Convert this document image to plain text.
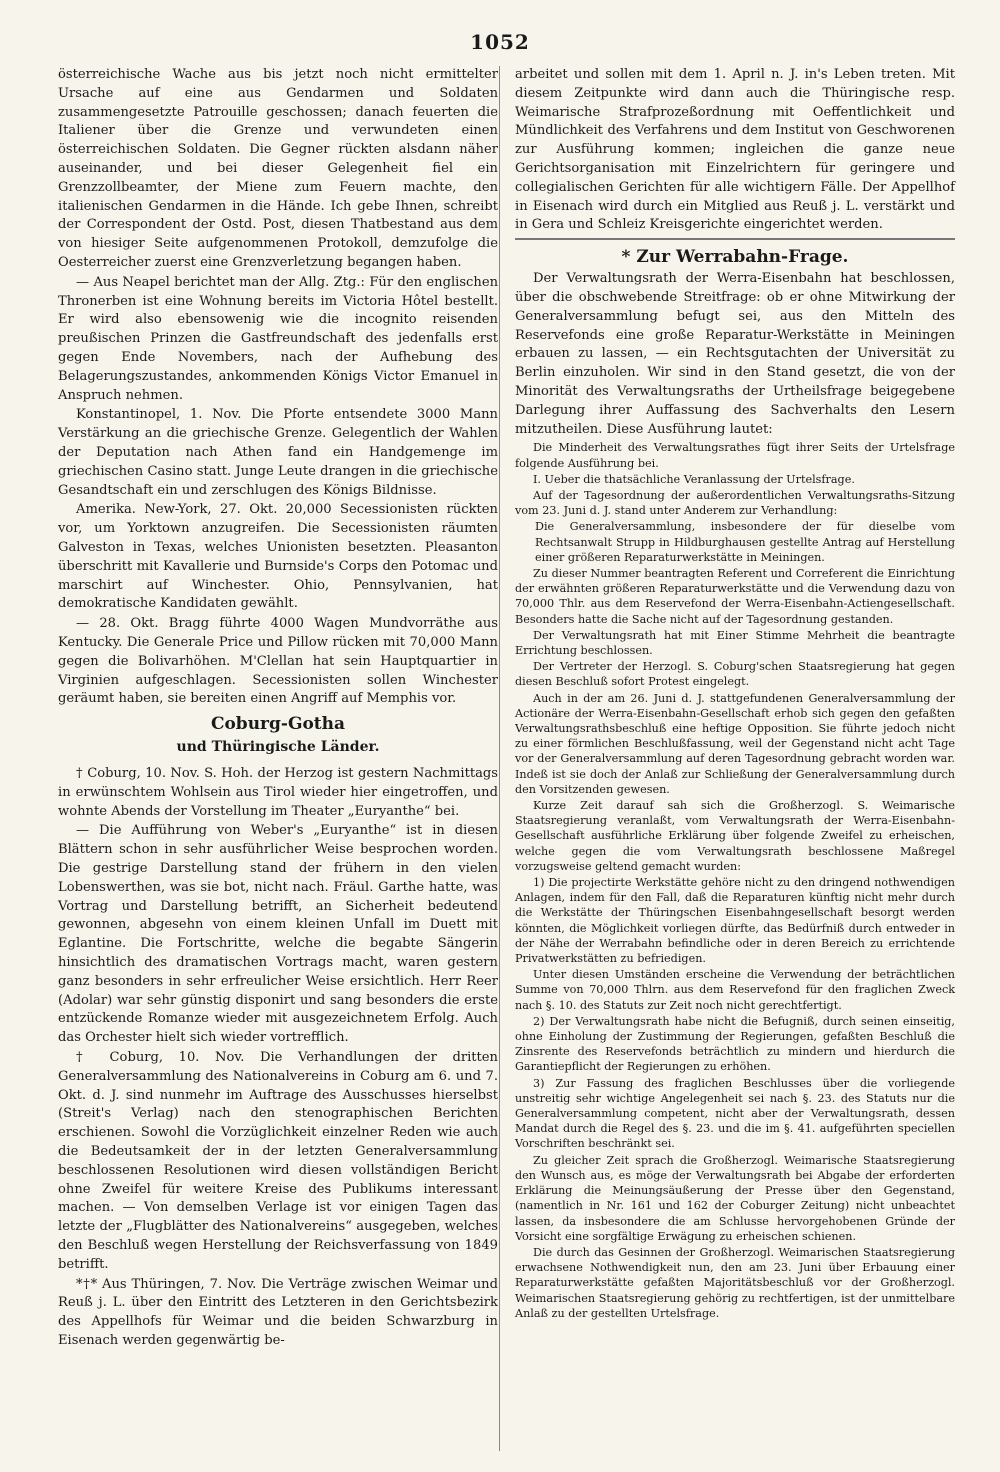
1052

österreichische Wache aus bis jetzt noch nicht ermittelter Ursache auf eine aus Gendarmen und Soldaten zusammengesetzte Patrouille geschossen; danach feuerten die Italiener über die Grenze und verwundeten einen österreichischen Soldaten. Die Gegner rückten alsdann näher auseinander, und bei dieser Gelegenheit fiel ein Grenzzollbeamter, der Miene zum Feuern machte, den italienischen Gendarmen in die Hände. Ich gebe Ihnen, schreibt der Correspondent der Ostd. Post, diesen Thatbestand aus dem von hiesiger Seite aufgenommenen Protokoll, demzufolge die Oesterreicher zuerst eine Grenzverletzung begangen haben.

— Aus Neapel berichtet man der Allg. Ztg.: Für den englischen Thronerben ist eine Wohnung bereits im Victoria Hôtel bestellt. Er wird also ebensowenig wie die incognito reisenden preußischen Prinzen die Gastfreundschaft des jedenfalls erst gegen Ende Novembers, nach der Aufhebung des Belagerungszustandes, ankommenden Königs Victor Emanuel in Anspruch nehmen.

Konstantinopel, 1. Nov. Die Pforte entsendete 3000 Mann Verstärkung an die griechische Grenze. Gelegentlich der Wahlen der Deputation nach Athen fand ein Handgemenge im griechischen Casino statt. Junge Leute drangen in die griechische Gesandtschaft ein und zerschlugen des Königs Bildnisse.

Amerika. New-York, 27. Okt. 20,000 Secessionisten rückten vor, um Yorktown anzugreifen. Die Secessionisten räumten Galveston in Texas, welches Unionisten besetzten. Pleasanton überschritt mit Kavallerie und Burnside's Corps den Potomac und marschirt auf Winchester. Ohio, Pennsylvanien, hat demokratische Kandidaten gewählt.

— 28. Okt. Bragg führte 4000 Wagen Mundvorräthe aus Kentucky. Die Generale Price und Pillow rücken mit 70,000 Mann gegen die Bolivarhöhen. M'Clellan hat sein Hauptquartier in Virginien aufgeschlagen. Secessionisten sollen Winchester geräumt haben, sie bereiten einen Angriff auf Memphis vor.

Coburg-Gotha
und Thüringische Länder.

† Coburg, 10. Nov. S. Hoh. der Herzog ist gestern Nachmittags in erwünschtem Wohlsein aus Tirol wieder hier eingetroffen, und wohnte Abends der Vorstellung im Theater „Euryanthe“ bei.

— Die Aufführung von Weber's „Euryanthe“ ist in diesen Blättern schon in sehr ausführlicher Weise besprochen worden. Die gestrige Darstellung stand der frühern in den vielen Lobenswerthen, was sie bot, nicht nach. Fräul. Garthe hatte, was Vortrag und Darstellung betrifft, an Sicherheit bedeutend gewonnen, abgesehn von einem kleinen Unfall im Duett mit Eglantine. Die Fortschritte, welche die begabte Sängerin hinsichtlich des dramatischen Vortrags macht, waren gestern ganz besonders in sehr erfreulicher Weise ersichtlich. Herr Reer (Adolar) war sehr günstig disponirt und sang besonders die erste entzückende Romanze wieder mit ausgezeichnetem Erfolg. Auch das Orchester hielt sich wieder vortrefflich.

† Coburg, 10. Nov. Die Verhandlungen der dritten Generalversammlung des Nationalvereins in Coburg am 6. und 7. Okt. d. J. sind nunmehr im Auftrage des Ausschusses hierselbst (Streit's Verlag) nach den stenographischen Berichten erschienen. Sowohl die Vorzüglichkeit einzelner Reden wie auch die Bedeutsamkeit der in der letzten Generalversammlung beschlossenen Resolutionen wird diesen vollständigen Bericht ohne Zweifel für weitere Kreise des Publikums interessant machen. — Von demselben Verlage ist vor einigen Tagen das letzte der „Flugblätter des Nationalvereins“ ausgegeben, welches den Beschluß wegen Herstellung der Reichsverfassung von 1849 betrifft.

*†* Aus Thüringen, 7. Nov. Die Verträge zwischen Weimar und Reuß j. L. über den Eintritt des Letzteren in den Gerichtsbezirk des Appellhofs für Weimar und die beiden Schwarzburg in Eisenach werden gegenwärtig be-

arbeitet und sollen mit dem 1. April n. J. in's Leben treten. Mit diesem Zeitpunkte wird dann auch die Thüringische resp. Weimarische Strafprozeßordnung mit Oeffentlichkeit und Mündlichkeit des Verfahrens und dem Institut von Geschworenen zur Ausführung kommen; ingleichen die ganze neue Gerichtsorganisation mit Einzelrichtern für geringere und collegialischen Gerichten für alle wichtigern Fälle. Der Appellhof in Eisenach wird durch ein Mitglied aus Reuß j. L. verstärkt und in Gera und Schleiz Kreisgerichte eingerichtet werden.

* Zur Werrabahn-Frage.

Der Verwaltungsrath der Werra-Eisenbahn hat beschlossen, über die obschwebende Streitfrage: ob er ohne Mitwirkung der Generalversammlung befugt sei, aus den Mitteln des Reservefonds eine große Reparatur-Werkstätte in Meiningen erbauen zu lassen, — ein Rechtsgutachten der Universität zu Berlin einzuholen. Wir sind in den Stand gesetzt, die von der Minorität des Verwaltungsraths der Urtheilsfrage beigegebene Darlegung ihrer Auffassung des Sachverhalts den Lesern mitzutheilen. Diese Ausführung lautet:

Die Minderheit des Verwaltungsrathes fügt ihrer Seits der Urtelsfrage folgende Ausführung bei.

I. Ueber die thatsächliche Veranlassung der Urtelsfrage.

Auf der Tagesordnung der außerordentlichen Verwaltungsraths-Sitzung vom 23. Juni d. J. stand unter Anderem zur Verhandlung:

Die Generalversammlung, insbesondere der für dieselbe vom Rechtsanwalt Strupp in Hildburghausen gestellte Antrag auf Herstellung einer größeren Reparaturwerkstätte in Meiningen.

Zu dieser Nummer beantragten Referent und Correferent die Einrichtung der erwähnten größeren Reparaturwerkstätte und die Verwendung dazu von 70,000 Thlr. aus dem Reservefond der Werra-Eisenbahn-Actiengesellschaft. Besonders hatte die Sache nicht auf der Tagesordnung gestanden.

Der Verwaltungsrath hat mit Einer Stimme Mehrheit die beantragte Errichtung beschlossen.

Der Vertreter der Herzogl. S. Coburg'schen Staatsregierung hat gegen diesen Beschluß sofort Protest eingelegt.

Auch in der am 26. Juni d. J. stattgefundenen Generalversammlung der Actionäre der Werra-Eisenbahn-Gesellschaft erhob sich gegen den gefaßten Verwaltungsrathsbeschluß eine heftige Opposition. Sie führte jedoch nicht zu einer förmlichen Beschlußfassung, weil der Gegenstand nicht acht Tage vor der Generalversammlung auf deren Tagesordnung gebracht worden war. Indeß ist sie doch der Anlaß zur Schließung der Generalversammlung durch den Vorsitzenden gewesen.

Kurze Zeit darauf sah sich die Großherzogl. S. Weimarische Staatsregierung veranlaßt, vom Verwaltungsrath der Werra-Eisenbahn-Gesellschaft ausführliche Erklärung über folgende Zweifel zu erheischen, welche gegen die vom Verwaltungsrath beschlossene Maßregel vorzugsweise geltend gemacht wurden:

1) Die projectirte Werkstätte gehöre nicht zu den dringend nothwendigen Anlagen, indem für den Fall, daß die Reparaturen künftig nicht mehr durch die Werkstätte der Thüringschen Eisenbahngesellschaft besorgt werden könnten, die Möglichkeit vorliegen dürfte, das Bedürfniß durch entweder in der Nähe der Werrabahn befindliche oder in deren Bereich zu errichtende Privatwerkstätten zu befriedigen.

Unter diesen Umständen erscheine die Verwendung der beträchtlichen Summe von 70,000 Thlrn. aus dem Reservefond für den fraglichen Zweck nach §. 10. des Statuts zur Zeit noch nicht gerechtfertigt.

2) Der Verwaltungsrath habe nicht die Befugniß, durch seinen einseitig, ohne Einholung der Zustimmung der Regierungen, gefaßten Beschluß die Zinsrente des Reservefonds beträchtlich zu mindern und hierdurch die Garantiepflicht der Regierungen zu erhöhen.

3) Zur Fassung des fraglichen Beschlusses über die vorliegende unstreitig sehr wichtige Angelegenheit sei nach §. 23. des Statuts nur die Generalversammlung competent, nicht aber der Verwaltungsrath, dessen Mandat durch die Regel des §. 23. und die im §. 41. aufgeführten speciellen Vorschriften beschränkt sei.

Zu gleicher Zeit sprach die Großherzogl. Weimarische Staatsregierung den Wunsch aus, es möge der Verwaltungsrath bei Abgabe der erforderten Erklärung die Meinungsäußerung der Presse über den Gegenstand, (namentlich in Nr. 161 und 162 der Coburger Zeitung) nicht unbeachtet lassen, da insbesondere die am Schlusse hervorgehobenen Gründe der Vorsicht eine sorgfältige Erwägung zu erheischen schienen.

Die durch das Gesinnen der Großherzogl. Weimarischen Staatsregierung erwachsene Nothwendigkeit nun, den am 23. Juni über Erbauung einer Reparaturwerkstätte gefaßten Majoritätsbeschluß vor der Großherzogl. Weimarischen Staatsregierung gehörig zu rechtfertigen, ist der unmittelbare Anlaß zu der gestellten Urtelsfrage.
